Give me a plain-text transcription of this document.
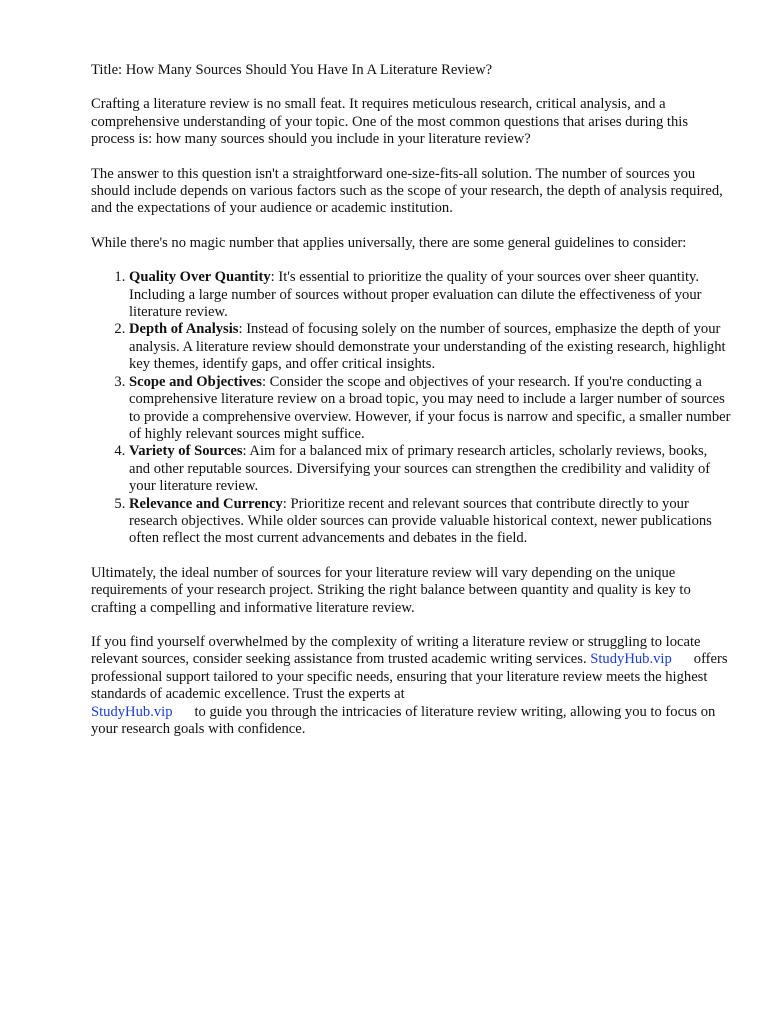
Title: How Many Sources Should You Have In A Literature Review?

Crafting a literature review is no small feat. It requires meticulous research, critical analysis, and a comprehensive understanding of your topic. One of the most common questions that arises during this process is: how many sources should you include in your literature review?

The answer to this question isn't a straightforward one-size-fits-all solution. The number of sources you should include depends on various factors such as the scope of your research, the depth of analysis required, and the expectations of your audience or academic institution.

While there's no magic number that applies universally, there are some general guidelines to consider:

1. Quality Over Quantity: It's essential to prioritize the quality of your sources over sheer quantity. Including a large number of sources without proper evaluation can dilute the effectiveness of your literature review.
2. Depth of Analysis: Instead of focusing solely on the number of sources, emphasize the depth of your analysis. A literature review should demonstrate your understanding of the existing research, highlight key themes, identify gaps, and offer critical insights.
3. Scope and Objectives: Consider the scope and objectives of your research. If you're conducting a comprehensive literature review on a broad topic, you may need to include a larger number of sources to provide a comprehensive overview. However, if your focus is narrow and specific, a smaller number of highly relevant sources might suffice.
4. Variety of Sources: Aim for a balanced mix of primary research articles, scholarly reviews, books, and other reputable sources. Diversifying your sources can strengthen the credibility and validity of your literature review.
5. Relevance and Currency: Prioritize recent and relevant sources that contribute directly to your research objectives. While older sources can provide valuable historical context, newer publications often reflect the most current advancements and debates in the field.

Ultimately, the ideal number of sources for your literature review will vary depending on the unique requirements of your research project. Striking the right balance between quantity and quality is key to crafting a compelling and informative literature review.

If you find yourself overwhelmed by the complexity of writing a literature review or struggling to locate relevant sources, consider seeking assistance from trusted academic writing services. StudyHub.vip offers professional support tailored to your specific needs, ensuring that your literature review meets the highest standards of academic excellence. Trust the experts at
StudyHub.vip to guide you through the intricacies of literature review writing, allowing you to focus on your research goals with confidence.
